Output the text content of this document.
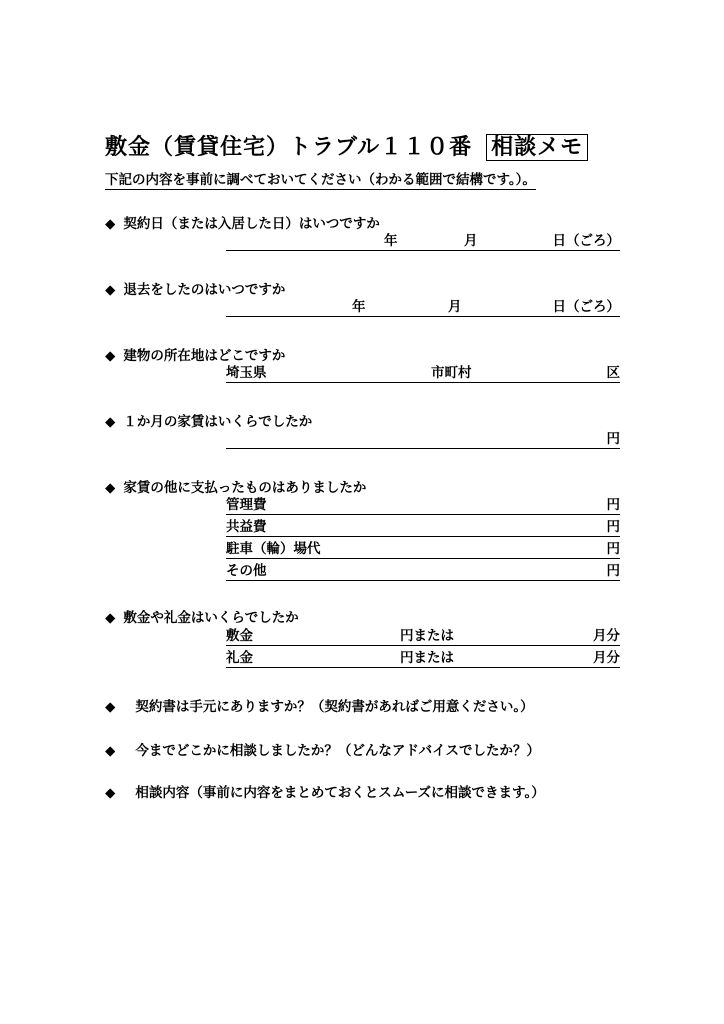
敷金（賃貸住宅）トラブル１１０番 相談メモ
下記の内容を事前に調べておいてください（わかる範囲で結構です。）。
◆ 契約日（または入居した日）はいつですか
年	月	日（ごろ）
◆ 退去をしたのはいつですか
年	月	日（ごろ）
◆ 建物の所在地はどこですか
埼玉県	市町村	区
◆ １か月の家賃はいくらでしたか
円
◆ 家賃の他に支払ったものはありましたか
管理費	円
共益費	円
駐車（輪）場代	円
その他	円
◆ 敷金や礼金はいくらでしたか
敷金	円または	月分
礼金	円または	月分
◆ 契約書は手元にありますか？（契約書があればご用意ください。）
◆ 今までどこかに相談しましたか？（どんなアドバイスでしたか？）
◆ 相談内容（事前に内容をまとめておくとスムーズに相談できます。）
